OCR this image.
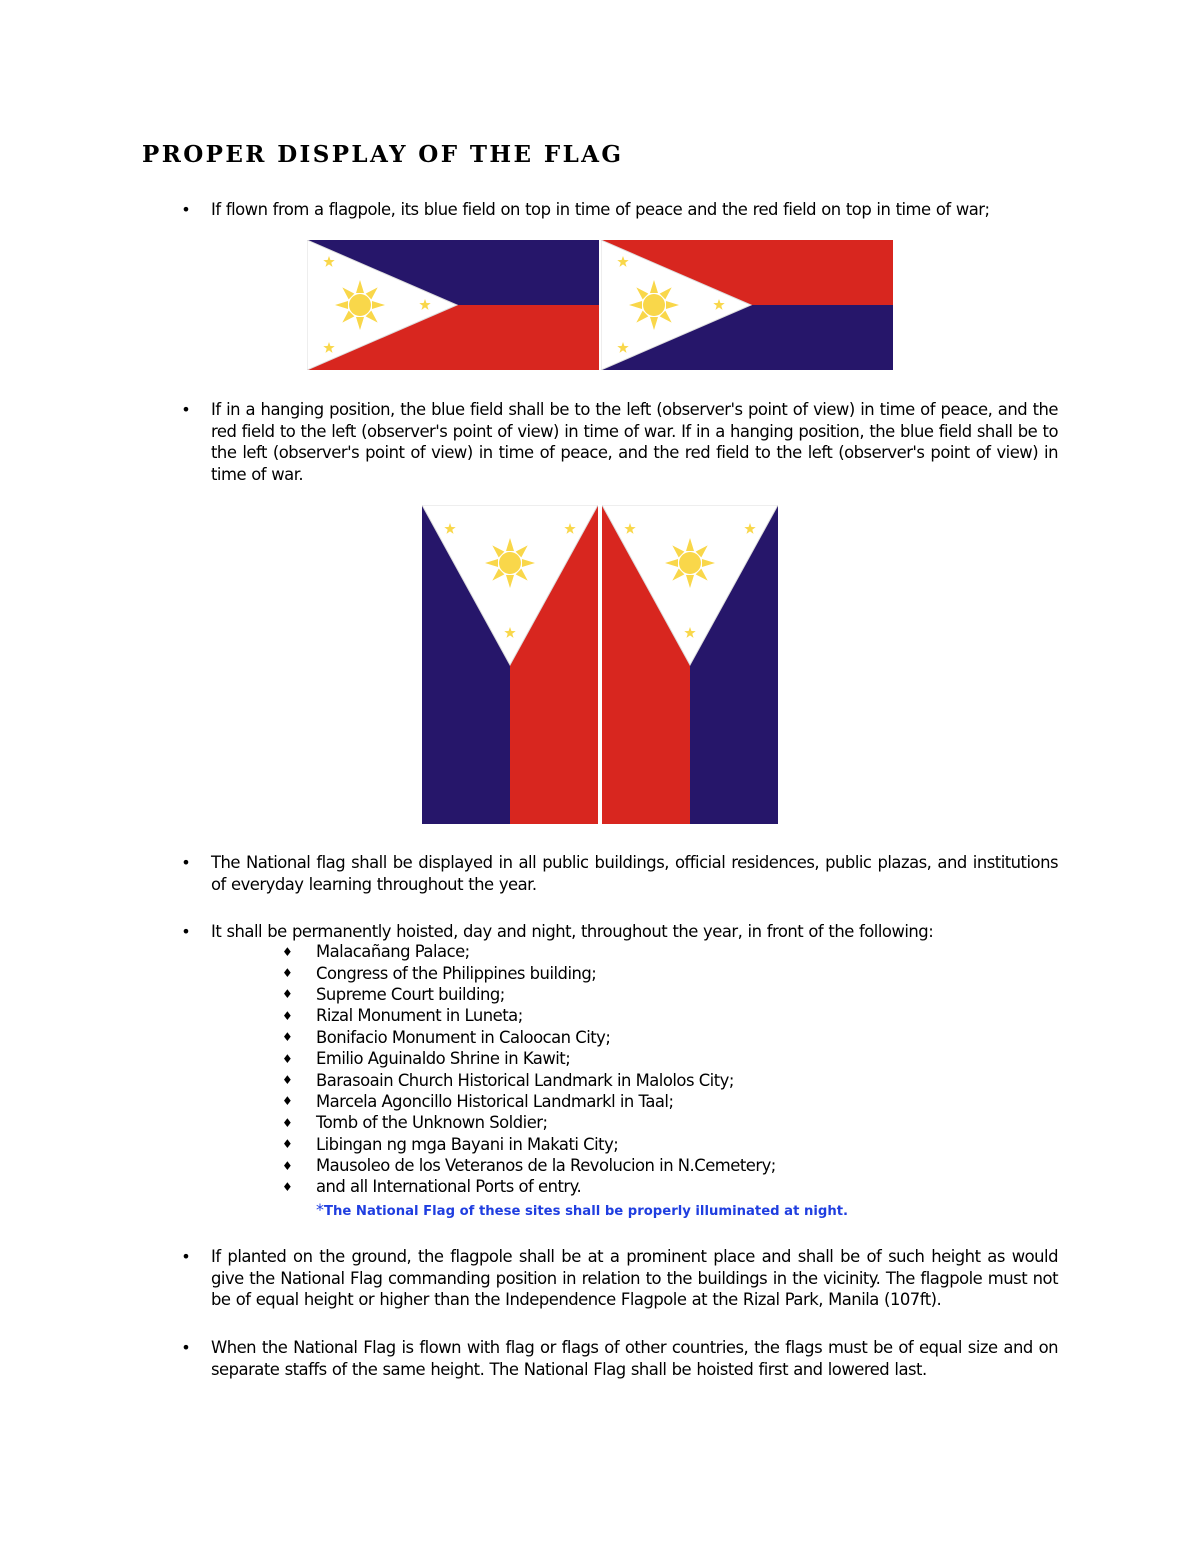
PROPER DISPLAY OF THE FLAG
• If flown from a flagpole, its blue field on top in time of peace and the red field on top in time of war;

• If in a hanging position, the blue field shall be to the left (observer's point of view) in time of peace, and the red field to the left (observer's point of view) in time of war. If in a hanging position, the blue field shall be to the left (observer's point of view) in time of peace, and the red field to the left (observer's point of view) in time of war.

• The National flag shall be displayed in all public buildings, official residences, public plazas, and institutions of everyday learning throughout the year.

• It shall be permanently hoisted, day and night, throughout the year, in front of the following:

♦	Malacañang Palace;
♦	Congress of the Philippines building;
♦	Supreme Court building;
♦	Rizal Monument in Luneta;
♦	Bonifacio Monument in Caloocan City;
♦	Emilio Aguinaldo Shrine in Kawit;
♦	Barasoain Church Historical Landmark in Malolos City;
♦	Marcela Agoncillo Historical Landmarkl in Taal;
♦	Tomb of the Unknown Soldier;
♦	Libingan ng mga Bayani in Makati City;
♦	Mausoleo de los Veteranos de la Revolucion in N.Cemetery;
♦	and all International Ports of entry.

*The National Flag of these sites shall be properly illuminated at night.

• If planted on the ground, the flagpole shall be at a prominent place and shall be of such height as would give the National Flag commanding position in relation to the buildings in the vicinity. The flagpole must not be of equal height or higher than the Independence Flagpole at the Rizal Park, Manila (107ft).

• When the National Flag is flown with flag or flags of other countries, the flags must be of equal size and on separate staffs of the same height. The National Flag shall be hoisted first and lowered last.
